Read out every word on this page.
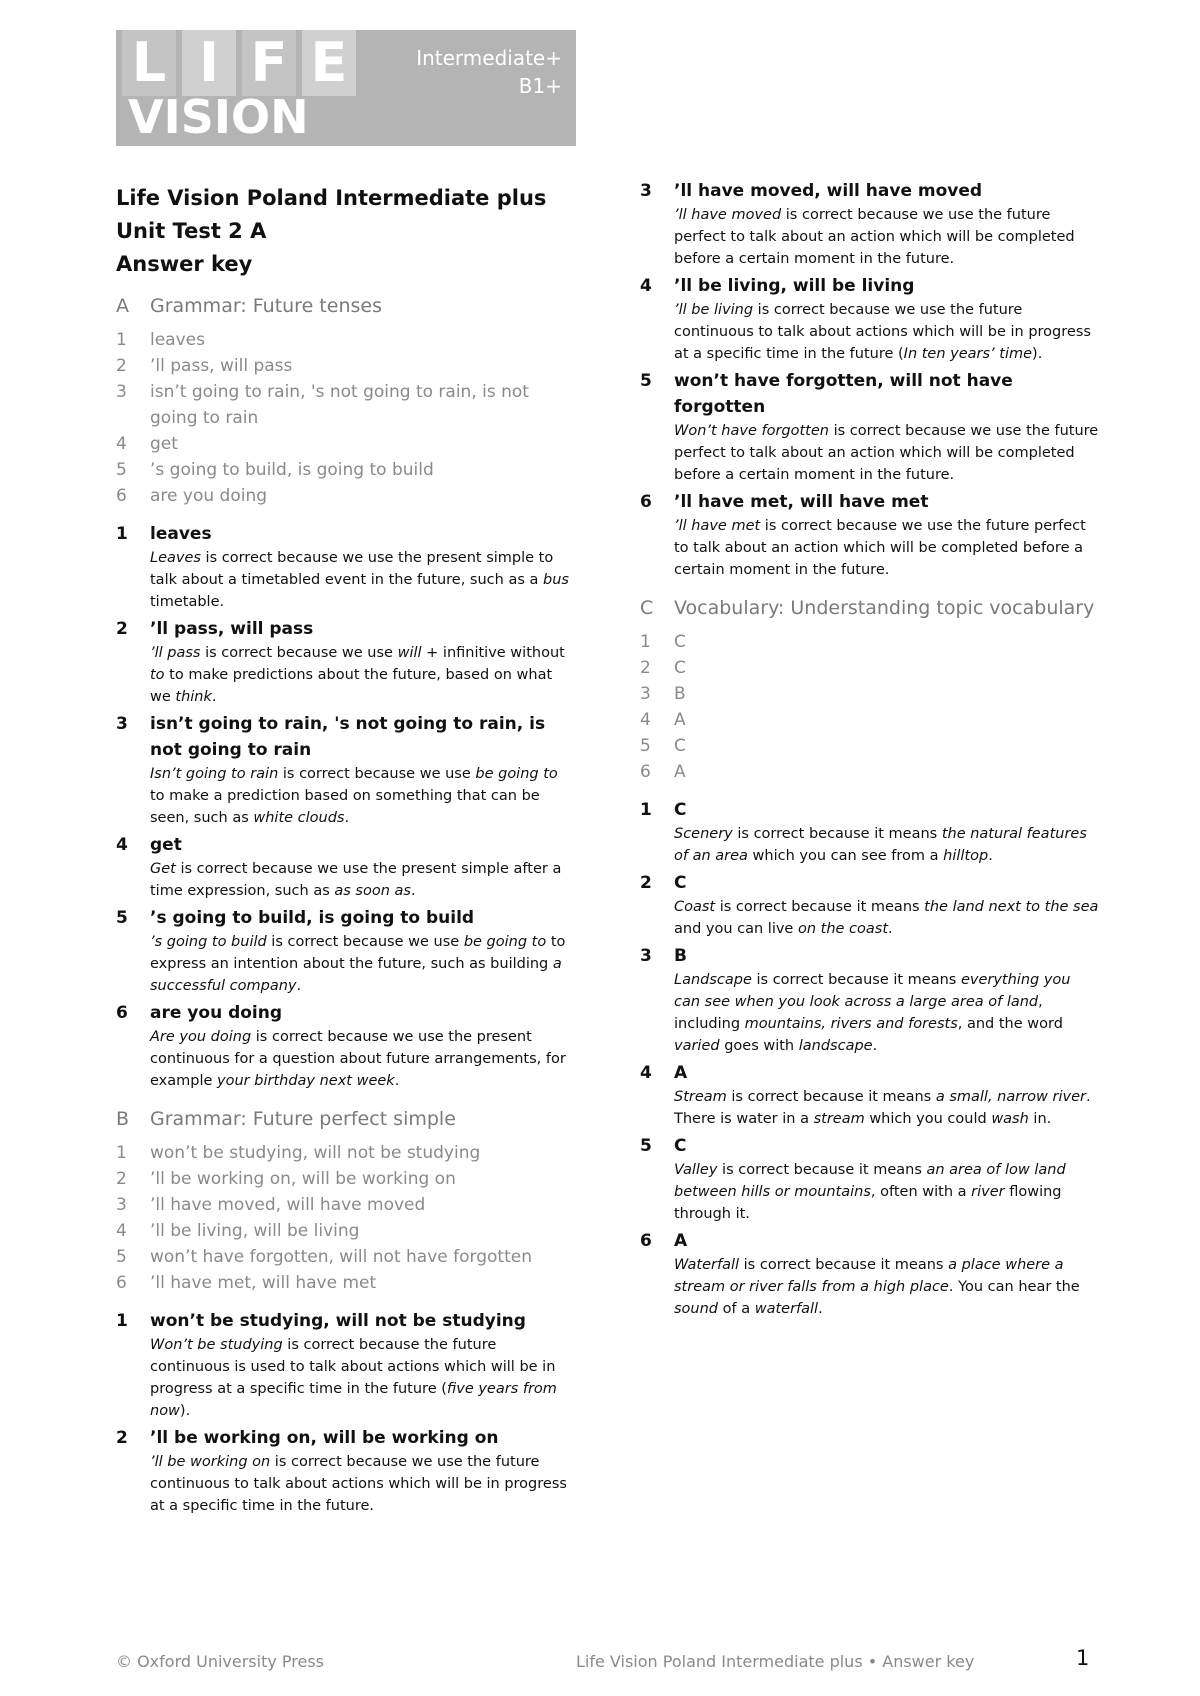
L I F E
VISION
Intermediate+
B1+
Life Vision Poland Intermediate plus
Unit Test 2 A
Answer key
A	Grammar: Future tenses
1	leaves
2	’ll pass, will pass
3	isn’t going to rain, 's not going to rain, is not going to rain
4	get
5	’s going to build, is going to build
6	are you doing
1	leaves
Leaves is correct because we use the present simple to talk about a timetabled event in the future, such as a bus timetable.
2	’ll pass, will pass
’ll pass is correct because we use will + infinitive without to to make predictions about the future, based on what we think.
3	isn’t going to rain, 's not going to rain, is not going to rain
Isn’t going to rain is correct because we use be going to to make a prediction based on something that can be seen, such as white clouds.
4	get
Get is correct because we use the present simple after a time expression, such as as soon as.
5	’s going to build, is going to build
’s going to build is correct because we use be going to to express an intention about the future, such as building a successful company.
6	are you doing
Are you doing is correct because we use the present continuous for a question about future arrangements, for example your birthday next week.
B	Grammar: Future perfect simple
1	won’t be studying, will not be studying
2	’ll be working on, will be working on
3	’ll have moved, will have moved
4	’ll be living, will be living
5	won’t have forgotten, will not have forgotten
6	’ll have met, will have met
1	won’t be studying, will not be studying
Won’t be studying is correct because the future continuous is used to talk about actions which will be in progress at a specific time in the future (five years from now).
2	’ll be working on, will be working on
’ll be working on is correct because we use the future continuous to talk about actions which will be in progress at a specific time in the future.
3	’ll have moved, will have moved
’ll have moved is correct because we use the future perfect to talk about an action which will be completed before a certain moment in the future.
4	’ll be living, will be living
’ll be living is correct because we use the future continuous to talk about actions which will be in progress at a specific time in the future (In ten years’ time).
5	won’t have forgotten, will not have forgotten
Won’t have forgotten is correct because we use the future perfect to talk about an action which will be completed before a certain moment in the future.
6	’ll have met, will have met
’ll have met is correct because we use the future perfect to talk about an action which will be completed before a certain moment in the future.
C	Vocabulary: Understanding topic vocabulary
1	C
2	C
3	B
4	A
5	C
6	A
1	C
Scenery is correct because it means the natural features of an area which you can see from a hilltop.
2	C
Coast is correct because it means the land next to the sea and you can live on the coast.
3	B
Landscape is correct because it means everything you can see when you look across a large area of land, including mountains, rivers and forests, and the word varied goes with landscape.
4	A
Stream is correct because it means a small, narrow river. There is water in a stream which you could wash in.
5	C
Valley is correct because it means an area of low land between hills or mountains, often with a river flowing through it.
6	A
Waterfall is correct because it means a place where a stream or river falls from a high place. You can hear the sound of a waterfall.
© Oxford University Press	Life Vision Poland Intermediate plus • Answer key	1
